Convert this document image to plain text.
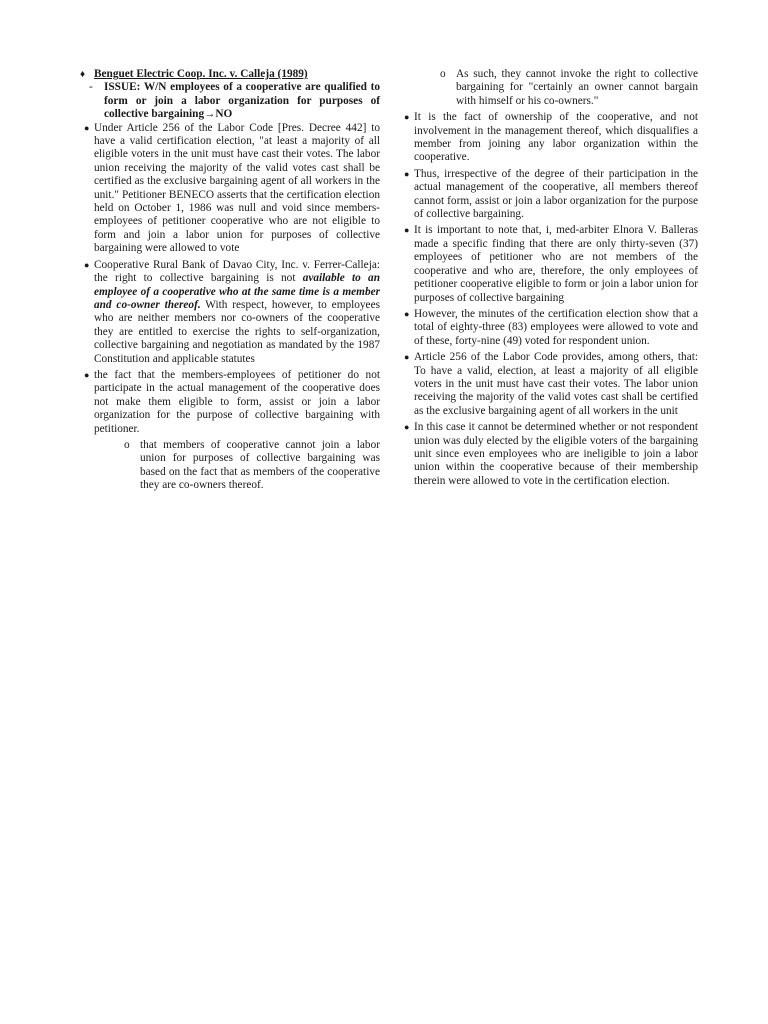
♦ Benguet Electric Coop. Inc. v. Calleja (1989)
- ISSUE: W/N employees of a cooperative are qualified to form or join a labor organization for purposes of collective bargaining→NO
● Under Article 256 of the Labor Code [Pres. Decree 442] to have a valid certification election, "at least a majority of all eligible voters in the unit must have cast their votes. The labor union receiving the majority of the valid votes cast shall be certified as the exclusive bargaining agent of all workers in the unit." Petitioner BENECO asserts that the certification election held on October 1, 1986 was null and void since members-employees of petitioner cooperative who are not eligible to form and join a labor union for purposes of collective bargaining were allowed to vote
● Cooperative Rural Bank of Davao City, Inc. v. Ferrer-Calleja: the right to collective bargaining is not available to an employee of a cooperative who at the same time is a member and co-owner thereof. With respect, however, to employees who are neither members nor co-owners of the cooperative they are entitled to exercise the rights to self-organization, collective bargaining and negotiation as mandated by the 1987 Constitution and applicable statutes
● the fact that the members-employees of petitioner do not participate in the actual management of the cooperative does not make them eligible to form, assist or join a labor organization for the purpose of collective bargaining with petitioner.
o that members of cooperative cannot join a labor union for purposes of collective bargaining was based on the fact that as members of the cooperative they are co-owners thereof.
o As such, they cannot invoke the right to collective bargaining for "certainly an owner cannot bargain with himself or his co-owners."
● It is the fact of ownership of the cooperative, and not involvement in the management thereof, which disqualifies a member from joining any labor organization within the cooperative.
● Thus, irrespective of the degree of their participation in the actual management of the cooperative, all members thereof cannot form, assist or join a labor organization for the purpose of collective bargaining.
● It is important to note that, i, med-arbiter Elnora V. Balleras made a specific finding that there are only thirty-seven (37) employees of petitioner who are not members of the cooperative and who are, therefore, the only employees of petitioner cooperative eligible to form or join a labor union for purposes of collective bargaining
● However, the minutes of the certification election show that a total of eighty-three (83) employees were allowed to vote and of these, forty-nine (49) voted for respondent union.
● Article 256 of the Labor Code provides, among others, that: To have a valid, election, at least a majority of all eligible voters in the unit must have cast their votes. The labor union receiving the majority of the valid votes cast shall be certified as the exclusive bargaining agent of all workers in the unit
● In this case it cannot be determined whether or not respondent union was duly elected by the eligible voters of the bargaining unit since even employees who are ineligible to join a labor union within the cooperative because of their membership therein were allowed to vote in the certification election.
